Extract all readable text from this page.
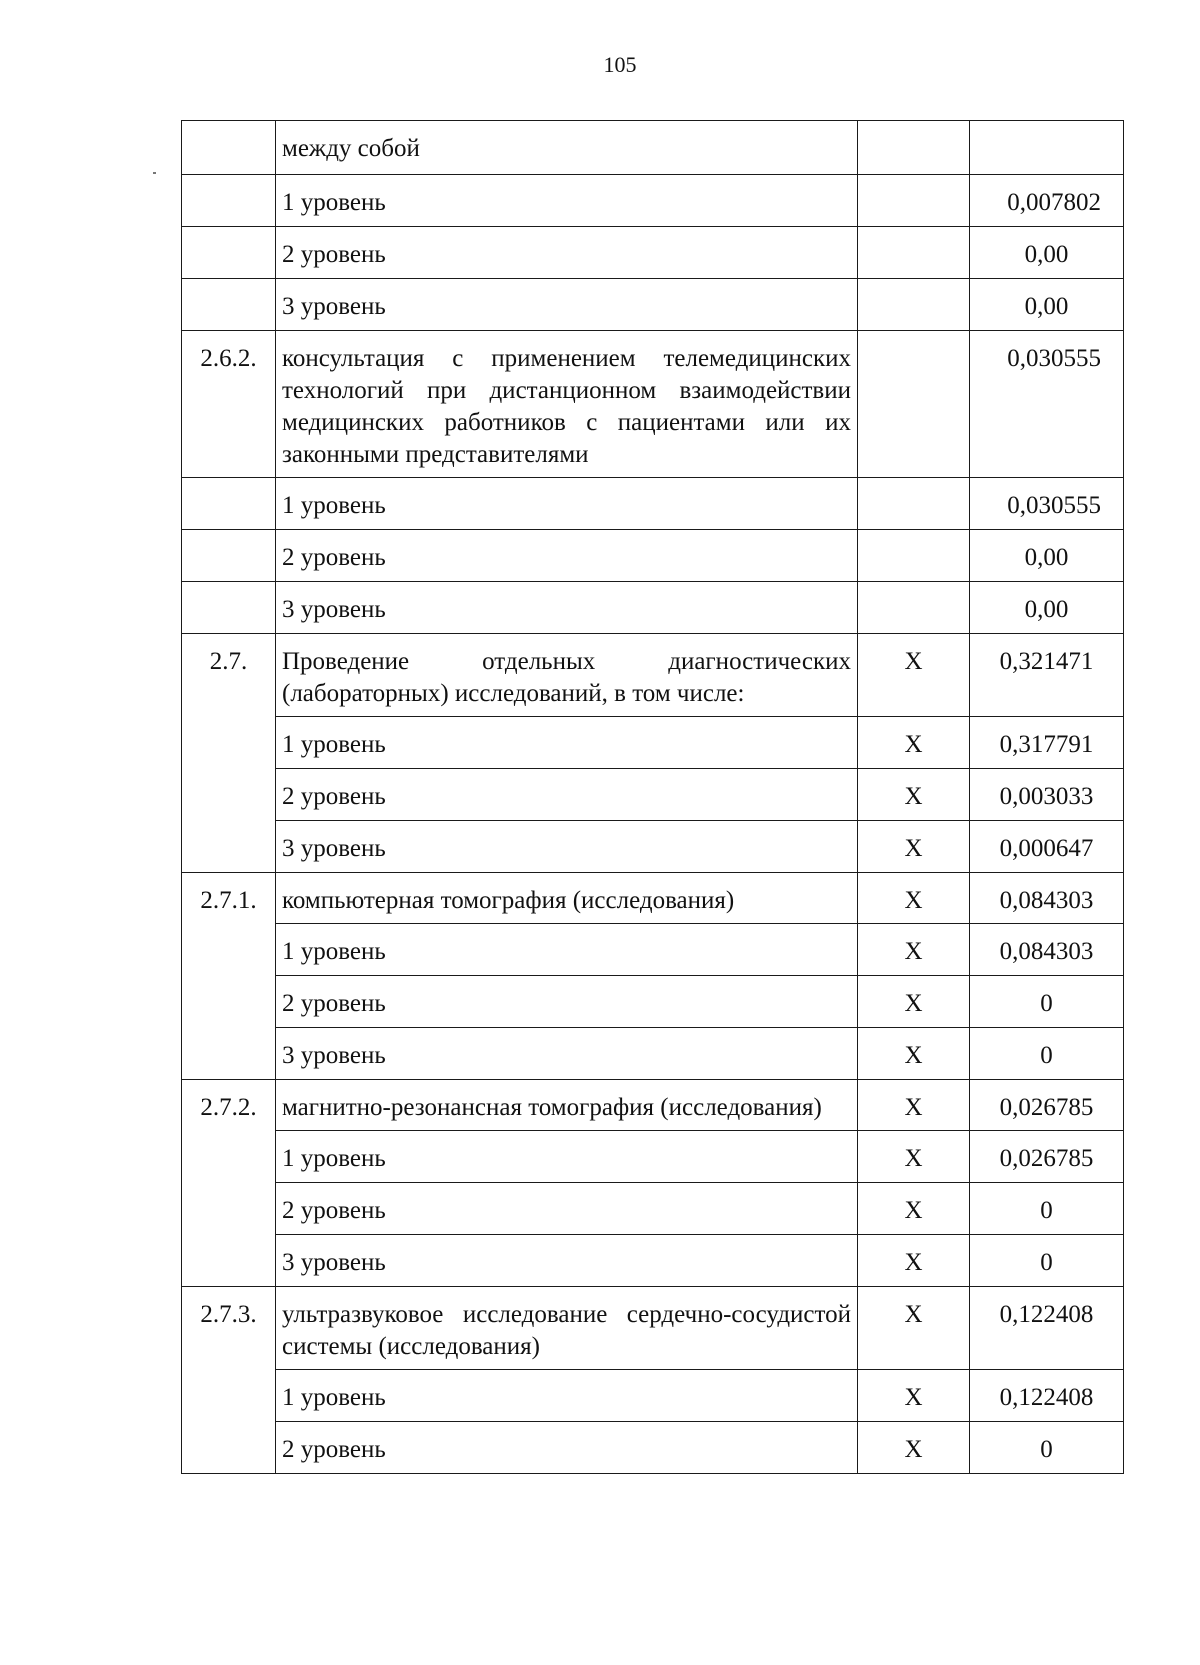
105
	между собой		
	1 уровень		0,007802
	2 уровень		0,00
	3 уровень		0,00
2.6.2.	консультация с применением телемедицинских технологий при дистанционном взаимодействии медицинских работников с пациентами или их законными представителями		0,030555
	1 уровень		0,030555
	2 уровень		0,00
	3 уровень		0,00
2.7.	Проведение отдельных диагностических (лабораторных) исследований, в том числе:	X	0,321471
	1 уровень	X	0,317791
	2 уровень	X	0,003033
	3 уровень	X	0,000647
2.7.1.	компьютерная томография (исследования)	X	0,084303
	1 уровень	X	0,084303
	2 уровень	X	0
	3 уровень	X	0
2.7.2.	магнитно-резонансная томография (исследования)	X	0,026785
	1 уровень	X	0,026785
	2 уровень	X	0
	3 уровень	X	0
2.7.3.	ультразвуковое исследование сердечно-сосудистой системы (исследования)	X	0,122408
	1 уровень	X	0,122408
	2 уровень	X	0
